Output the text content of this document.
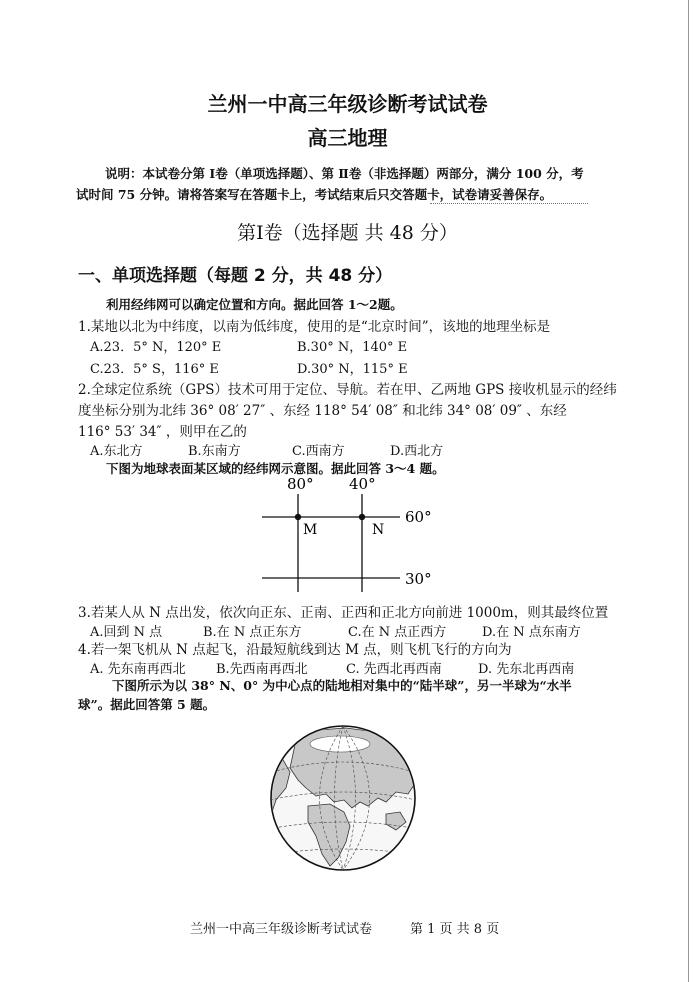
兰州一中高三年级诊断考试试卷
高三地理
说明：本试卷分第 Ⅰ卷（单项选择题）、第 Ⅱ卷（非选择题）两部分，满分 100 分，考
试时间 75 分钟。请将答案写在答题卡上，考试结束后只交答题卡，试卷请妥善保存。
第Ⅰ卷（选择题 共 48 分）
一、单项选择题（每题 2 分，共 48 分）
利用经纬网可以确定位置和方向。据此回答 1～2题。
1.某地以北为中纬度，以南为低纬度，使用的是“北京时间”，该地的地理坐标是
A.23．5° N，120° E	B.30° N，140° E
C.23．5° S，116° E	D.30° N，115° E
2.全球定位系统（GPS）技术可用于定位、导航。若在甲、乙两地 GPS 接收机显示的经纬
度坐标分别为北纬 36° 08′ 27″ 、东经 118° 54′ 08″ 和北纬 34° 08′ 09″ 、东经
116° 53′ 34″ ，则甲在乙的
A.东北方	B.东南方	C.西南方	D.西北方
下图为地球表面某区域的经纬网示意图。据此回答 3～4 题。
80° 40°
60°
30°
M	N
3.若某人从 N 点出发，依次向正东、正南、正西和正北方向前进 1000m，则其最终位置
A.回到 N 点	B.在 N 点正东方	C.在 N 点正西方	D.在 N 点东南方
4.若一架飞机从 N 点起飞，沿最短航线到达 M 点，则飞机飞行的方向为
A. 先东南再西北 B.先西南再西北	C. 先西北再西南	D. 先东北再西南
下图所示为以 38° N、0° 为中心点的陆地相对集中的“陆半球”，另一半球为“水半
球”。据此回答第 5 题。
兰州一中高三年级诊断考试试卷	第 1 页 共 8 页
